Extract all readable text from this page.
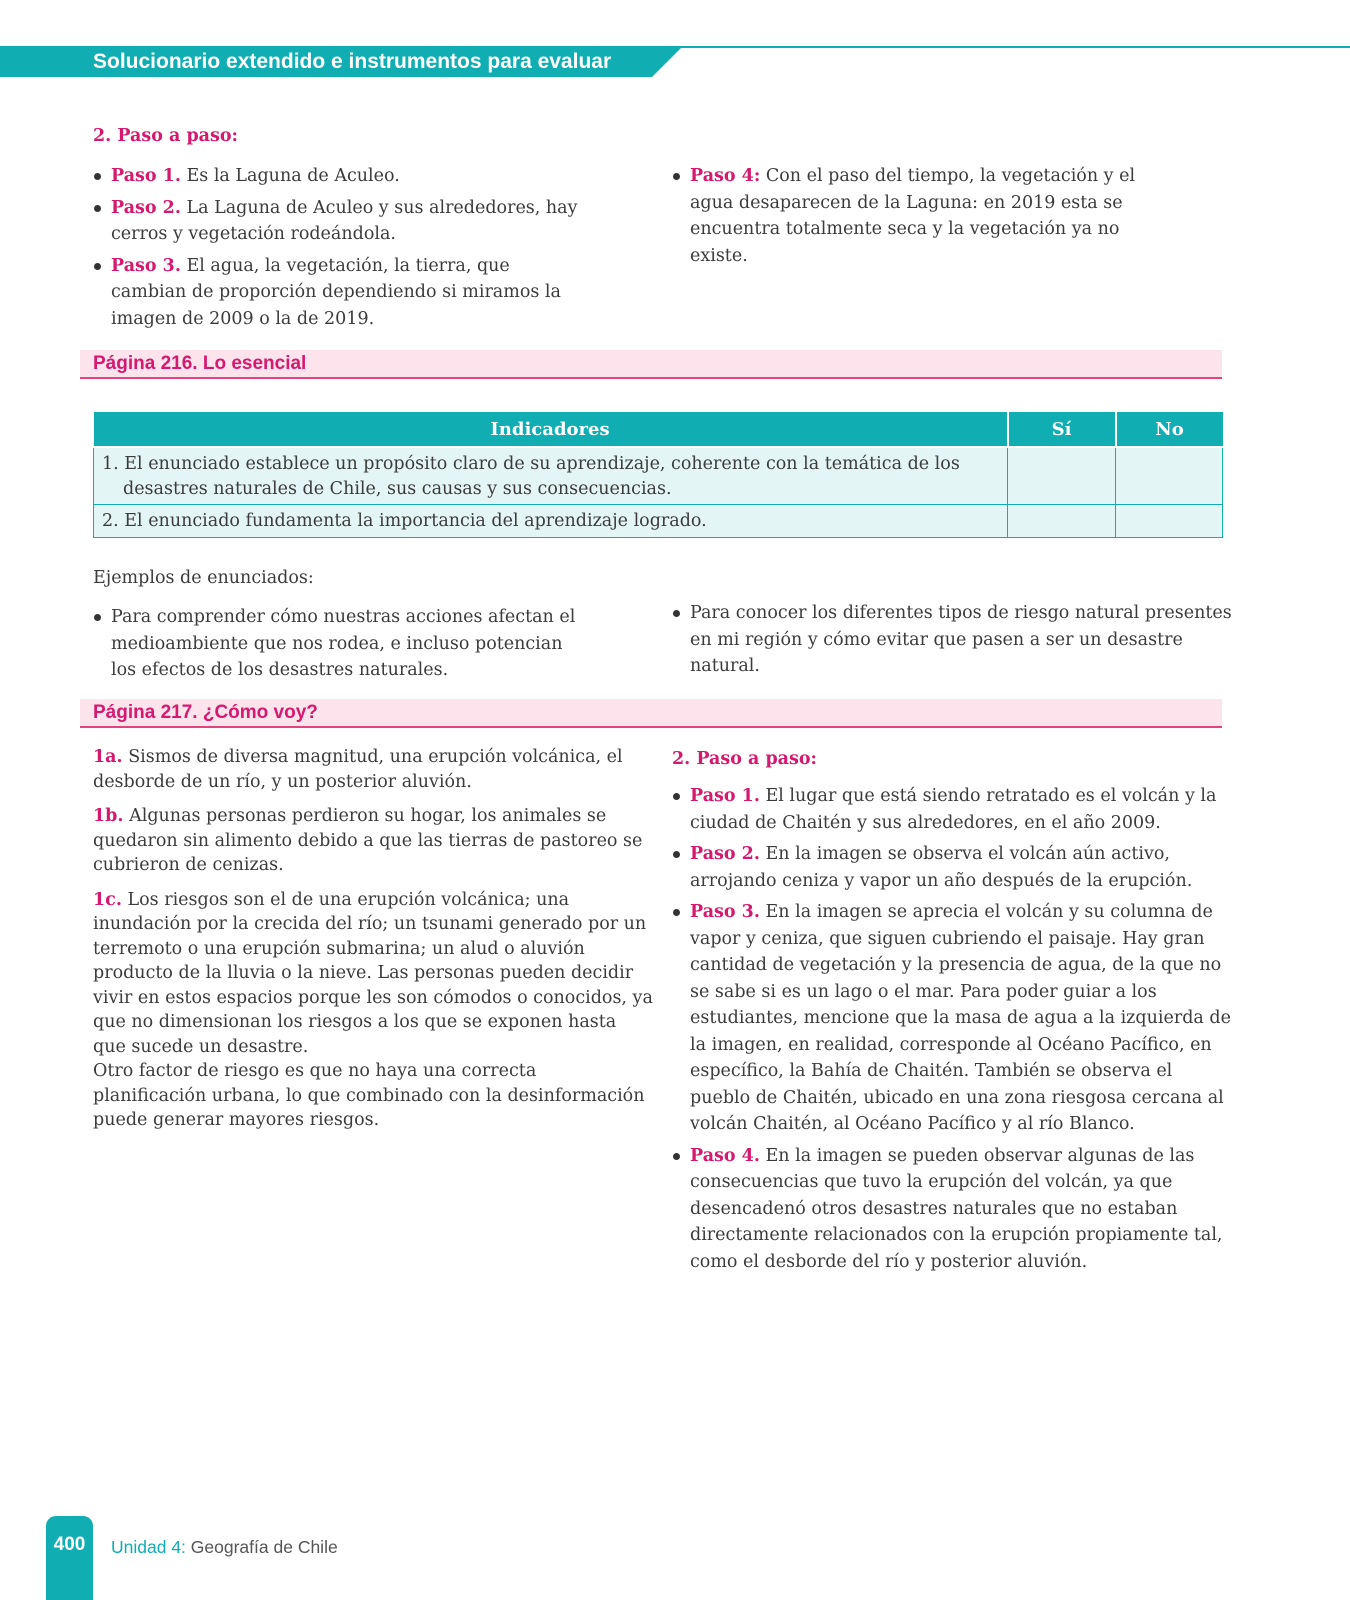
Solucionario extendido e instrumentos para evaluar
2. Paso a paso:
Paso 1. Es la Laguna de Aculeo.
Paso 2. La Laguna de Aculeo y sus alrededores, hay cerros y vegetación rodeándola.
Paso 3. El agua, la vegetación, la tierra, que cambian de proporción dependiendo si miramos la imagen de 2009 o la de 2019.
Paso 4: Con el paso del tiempo, la vegetación y el agua desaparecen de la Laguna: en 2019 esta se encuentra totalmente seca y la vegetación ya no existe.
Página 216. Lo esencial
Indicadores	Sí	No

1. El enunciado establece un propósito claro de su aprendizaje, coherente con la temática de los desastres naturales de Chile, sus causas y sus consecuencias.		

2. El enunciado fundamenta la importancia del aprendizaje logrado.		

Ejemplos de enunciados:
Para comprender cómo nuestras acciones afectan el medioambiente que nos rodea, e incluso potencian los efectos de los desastres naturales.
Para conocer los diferentes tipos de riesgo natural presentes en mi región y cómo evitar que pasen a ser un desastre natural.
Página 217. ¿Cómo voy?

1a. Sismos de diversa magnitud, una erupción volcánica, el desborde de un río, y un posterior aluvión.

1b. Algunas personas perdieron su hogar, los animales se quedaron sin alimento debido a que las tierras de pastoreo se cubrieron de cenizas.

1c. Los riesgos son el de una erupción volcánica; una inundación por la crecida del río; un tsunami generado por un terremoto o una erupción submarina; un alud o aluvión producto de la lluvia o la nieve. Las personas pueden decidir vivir en estos espacios porque les son cómodos o conocidos, ya que no dimensionan los riesgos a los que se exponen hasta que sucede un desastre.

Otro factor de riesgo es que no haya una correcta planificación urbana, lo que combinado con la desinformación puede generar mayores riesgos.

2. Paso a paso:
Paso 1. El lugar que está siendo retratado es el volcán y la ciudad de Chaitén y sus alrededores, en el año 2009.
Paso 2. En la imagen se observa el volcán aún activo, arrojando ceniza y vapor un año después de la erupción.
Paso 3. En la imagen se aprecia el volcán y su columna de vapor y ceniza, que siguen cubriendo el paisaje. Hay gran cantidad de vegetación y la presencia de agua, de la que no se sabe si es un lago o el mar. Para poder guiar a los estudiantes, mencione que la masa de agua a la izquierda de la imagen, en realidad, corresponde al Océano Pacífico, en específico, la Bahía de Chaitén. También se observa el pueblo de Chaitén, ubicado en una zona riesgosa cercana al volcán Chaitén, al Océano Pacífico y al río Blanco.
Paso 4. En la imagen se pueden observar algunas de las consecuencias que tuvo la erupción del volcán, ya que desencadenó otros desastres naturales que no estaban directamente relacionados con la erupción propiamente tal, como el desborde del río y posterior aluvión.
400	Unidad 4: Geografía de Chile
